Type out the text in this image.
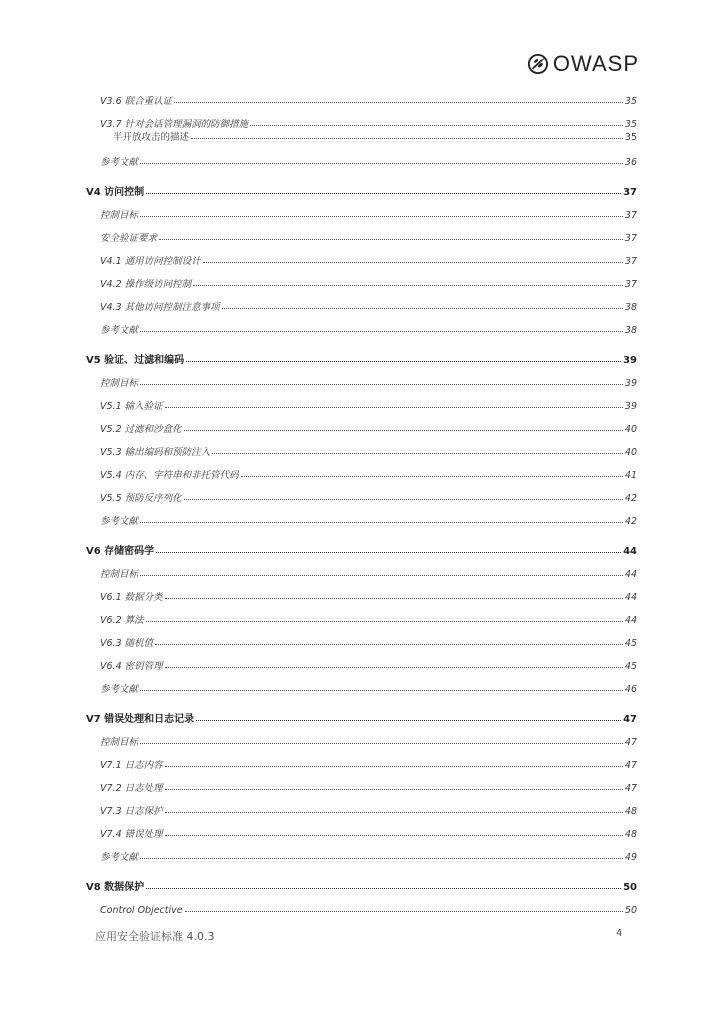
OWASP
V3.6 联合重认证	35
V3.7 针对会话管理漏洞的防御措施	35
半开放攻击的描述	35
参考文献	36
V4 访问控制	37
控制目标	37
安全验证要求	37
V4.1 通用访问控制设计	37
V4.2 操作级访问控制	37
V4.3 其他访问控制注意事项	38
参考文献	38
V5 验证、过滤和编码	39
控制目标	39
V5.1 输入验证	39
V5.2 过滤和沙盒化	40
V5.3 输出编码和预防注入	40
V5.4 内存、字符串和非托管代码	41
V5.5 预防反序列化	42
参考文献	42
V6 存储密码学	44
控制目标	44
V6.1 数据分类	44
V6.2 算法	44
V6.3 随机值	45
V6.4 密钥管理	45
参考文献	46
V7 错误处理和日志记录	47
控制目标	47
V7.1 日志内容	47
V7.2 日志处理	47
V7.3 日志保护	48
V7.4 错误处理	48
参考文献	49
V8 数据保护	50
Control Objective	50
应用安全验证标准 4.0.3	4
